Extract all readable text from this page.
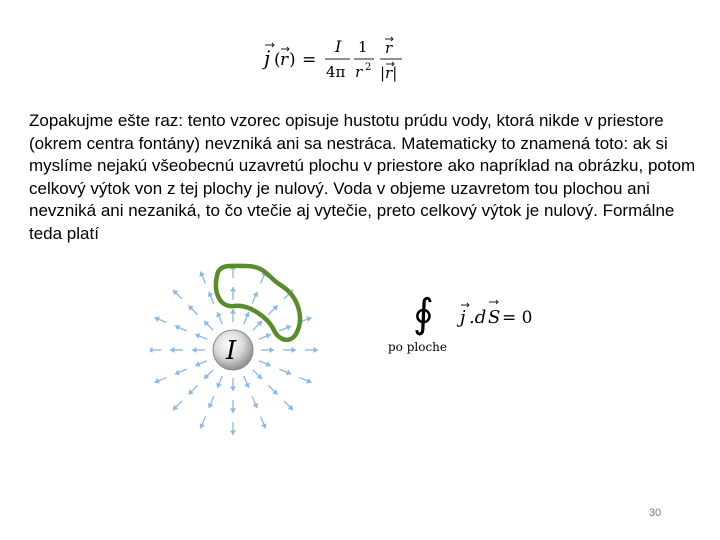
j ( r ) =
I
4π
1
r 2
r
|r|
Zopakujme ešte raz: tento vzorec opisuje hustotu prúdu vody, ktorá nikde v priestore (okrem centra fontány) nevzniká ani sa nestráca. Matematicky to znamená toto: ak si myslíme nejakú všeobecnú uzavretú plochu v priestore ako napríklad na obrázku, potom celkový výtok von z tej plochy je nulový. Voda v objeme uzavretom tou plochou ani nevzniká ani nezaniká, to čo vtečie aj vytečie, preto celkový výtok je nulový. Formálne teda platí
I
∮ j .d S = 0
po ploche
30
